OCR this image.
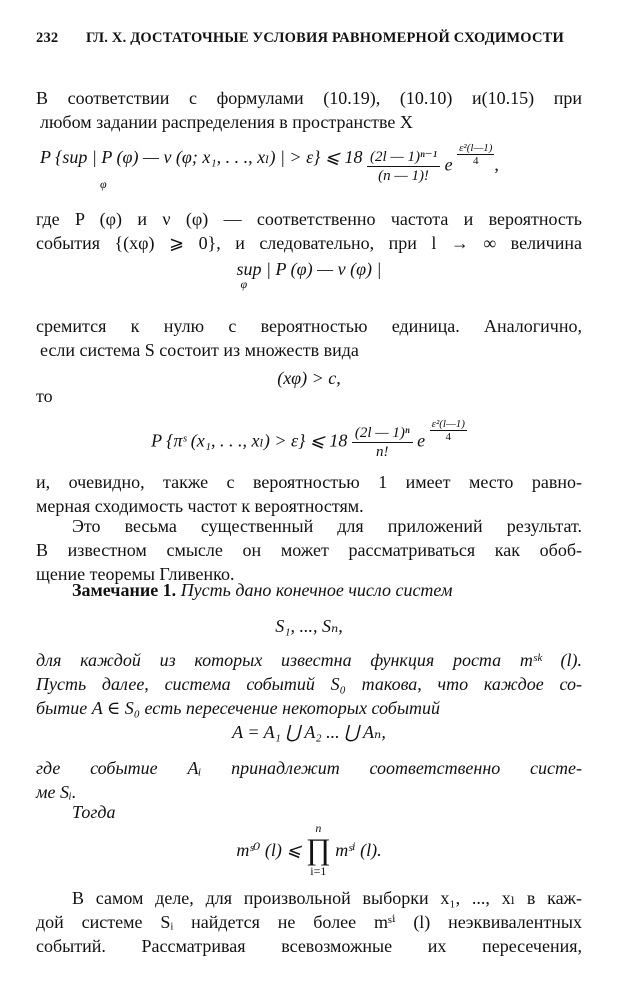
232 ГЛ. X. ДОСТАТОЧНЫЕ УСЛОВИЯ РАВНОМЕРНОЙ СХОДИМОСТИ
В соответствии с формулами (10.19), (10.10) и(10.15) при
любом задании распределения в пространстве X
P {sup | P (φ) — ν (φ; x₁, . . ., xₗ) | > ε} ⩽ $18 \frac{\text{(2l — 1)ⁿ⁻¹}}{(n — 1)!}$ e $\frac{\text{ε²(l—1)}}{4}$,
φ
где P (φ) и ν (φ) — соответственно частота и вероятность
события {(xφ) ⩾ 0}, и следовательно, при l → ∞ величина
sup | P (φ) — ν (φ) |
φ
сремится к нулю с вероятностью единица. Аналогично,
если система S состоит из множеств вида
(xφ) > c,
то
P {πˢ (x₁, . . ., xₗ) > ε} ⩽ $18 \frac{\text{(2l — 1)ⁿ}}{n!}$ e $\frac{\text{ε²(l—1)}}{4}$
и, очевидно, также с вероятностью 1 имеет место равно-
мерная сходимость частот к вероятностям.
Это весьма существенный для приложений результат.
В известном смысле он может рассматриваться как обоб-
щение теоремы Гливенко.
Замечание 1. Пусть дано конечное число систем
S₁, ..., Sₙ,
для каждой из которых известна функция роста mˢᵏ (l).
Пусть далее, система событий S₀ такова, что каждое со-
бытие A ∈ S₀ есть пересечение некоторых событий
A = A₁ ⋃ A₂ ... ⋃ Aₙ,
где событие Aᵢ принадлежит соответственно систе-
ме Sᵢ.
Тогда
mˢ⁰ (l) ⩽ n
∏
i=1 mˢⁱ (l).
В самом деле, для произвольной выборки x₁, ..., xₗ в каж-
дой системе Sᵢ найдется не более mˢⁱ (l) неэквивалентных
событий. Рассматривая всевозможные их пересечения,
